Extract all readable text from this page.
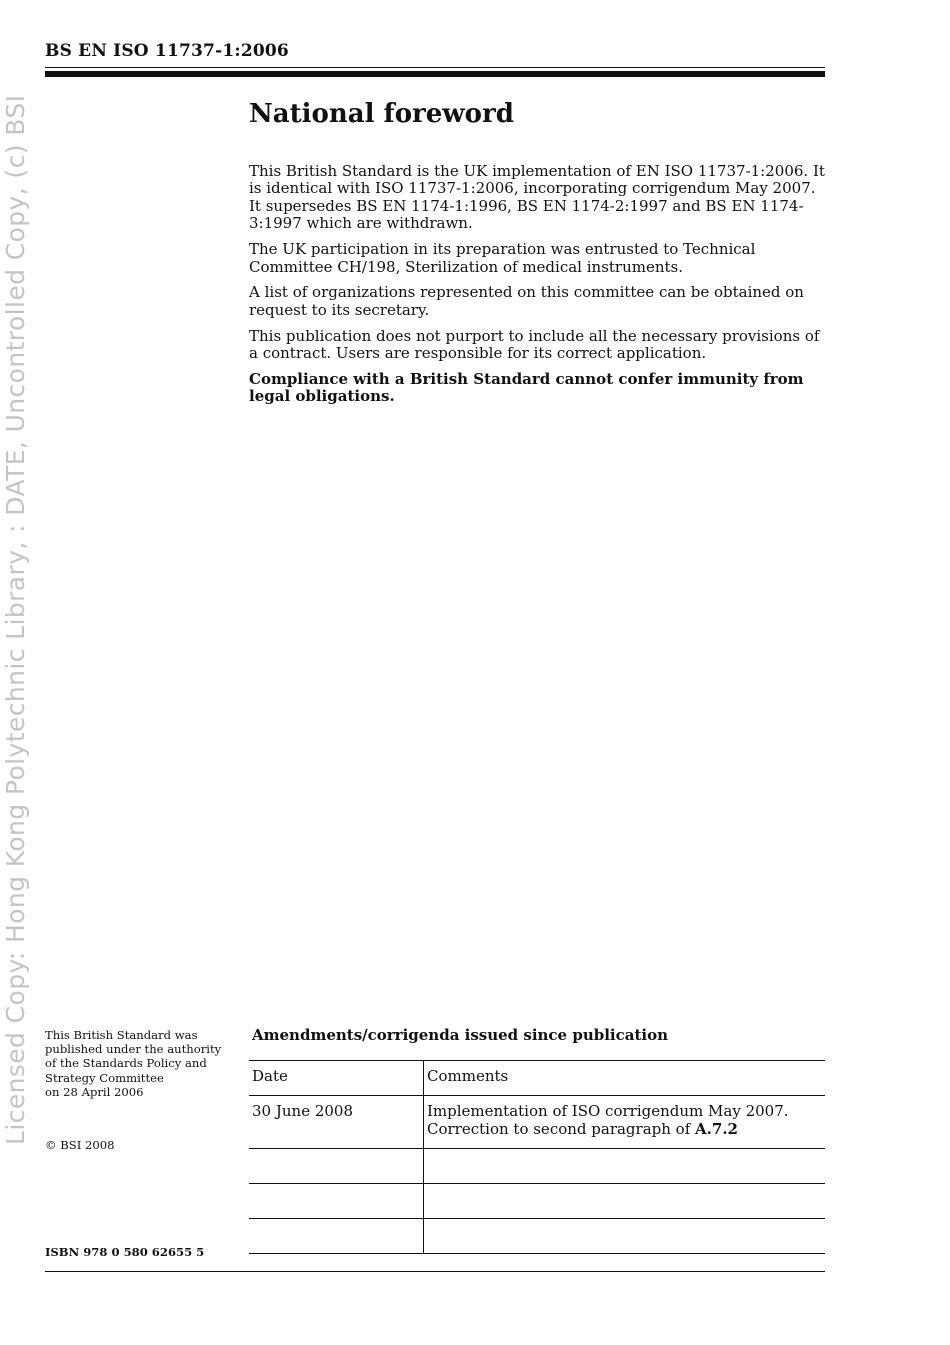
BS EN ISO 11737-1:2006
Licensed Copy: Hong Kong Polytechnic Library, : DATE, Uncontrolled Copy, (c) BSI	National foreword

This British Standard is the UK implementation of EN ISO 11737-1:2006. It is identical with ISO 11737-1:2006, incorporating corrigendum May 2007. It supersedes BS EN 1174-1:1996, BS EN 1174-2:1997 and BS EN 1174-3:1997 which are withdrawn.

The UK participation in its preparation was entrusted to Technical Committee CH/198, Sterilization of medical instruments.

A list of organizations represented on this committee can be obtained on request to its secretary.

This publication does not purport to include all the necessary provisions of a contract. Users are responsible for its correct application.

Compliance with a British Standard cannot confer immunity from legal obligations.

This British Standard was
published under the authority
of the Standards Policy and
Strategy Committee
on 28 April 2006
© BSI 2008
ISBN 978 0 580 62655 5
Amendments/corrigenda issued since publication
Date	Comments
30 June 2008	Implementation of ISO corrigendum May 2007.
Correction to second paragraph of A.7.2
